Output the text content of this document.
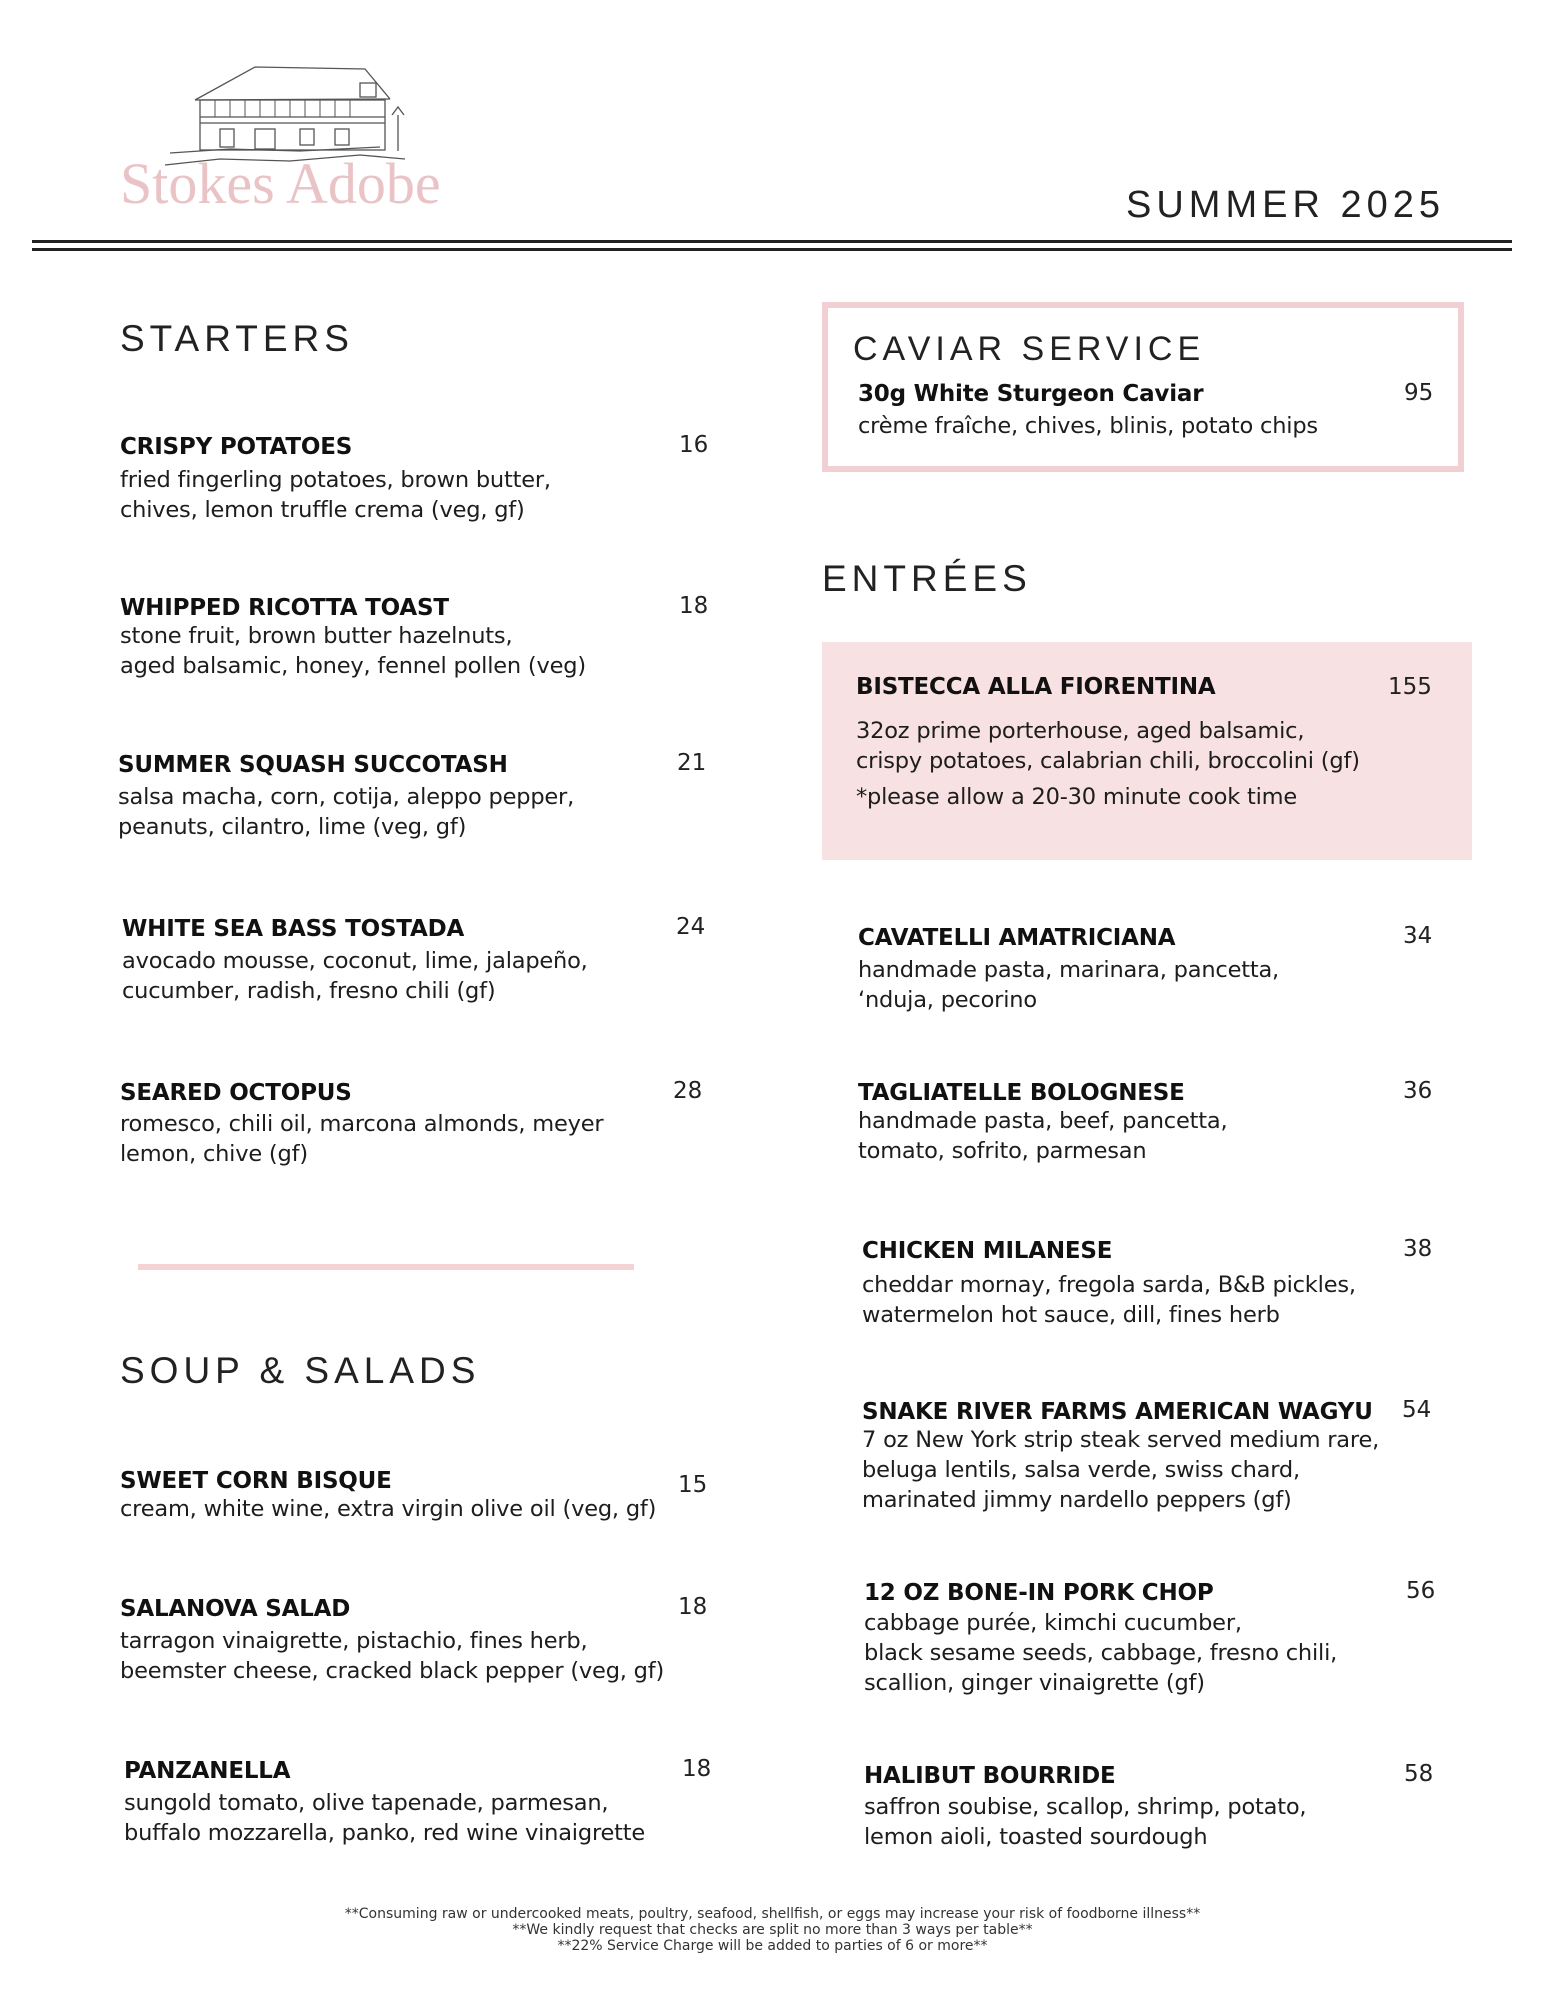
Stokes Adobe	SUMMER 2025
STARTERS
CRISPY POTATOES	16
fried fingerling potatoes, brown butter,
chives, lemon truffle crema (veg, gf)
WHIPPED RICOTTA TOAST	18
stone fruit, brown butter hazelnuts,
aged balsamic, honey, fennel pollen (veg)
SUMMER SQUASH SUCCOTASH	21
salsa macha, corn, cotija, aleppo pepper,
peanuts, cilantro, lime (veg, gf)
WHITE SEA BASS TOSTADA	24
avocado mousse, coconut, lime, jalapeño,
cucumber, radish, fresno chili (gf)
SEARED OCTOPUS	28
romesco, chili oil, marcona almonds, meyer
lemon, chive (gf)
SOUP & SALADS
SWEET CORN BISQUE	15
cream, white wine, extra virgin olive oil (veg, gf)
SALANOVA SALAD	18
tarragon vinaigrette, pistachio, fines herb,
beemster cheese, cracked black pepper (veg, gf)
PANZANELLA	18
sungold tomato, olive tapenade, parmesan,
buffalo mozzarella, panko, red wine vinaigrette
CAVIAR SERVICE
30g White Sturgeon Caviar	95
crème fraîche, chives, blinis, potato chips
ENTRÉES
BISTECCA ALLA FIORENTINA	155
32oz prime porterhouse, aged balsamic,
crispy potatoes, calabrian chili, broccolini (gf)
*please allow a 20-30 minute cook time
CAVATELLI AMATRICIANA	34
handmade pasta, marinara, pancetta,
‘nduja, pecorino
TAGLIATELLE BOLOGNESE	36
handmade pasta, beef, pancetta,
tomato, sofrito, parmesan
CHICKEN MILANESE	38
cheddar mornay, fregola sarda, B&B pickles,
watermelon hot sauce, dill, fines herb
SNAKE RIVER FARMS AMERICAN WAGYU 54
7 oz New York strip steak served medium rare,
beluga lentils, salsa verde, swiss chard,
marinated jimmy nardello peppers (gf)
12 OZ BONE-IN PORK CHOP	56
cabbage purée, kimchi cucumber,
black sesame seeds, cabbage, fresno chili,
scallion, ginger vinaigrette (gf)
HALIBUT BOURRIDE	58
saffron soubise, scallop, shrimp, potato,
lemon aioli, toasted sourdough
**Consuming raw or undercooked meats, poultry, seafood, shellfish, or eggs may increase your risk of foodborne illness**
**We kindly request that checks are split no more than 3 ways per table**
**22% Service Charge will be added to parties of 6 or more**
